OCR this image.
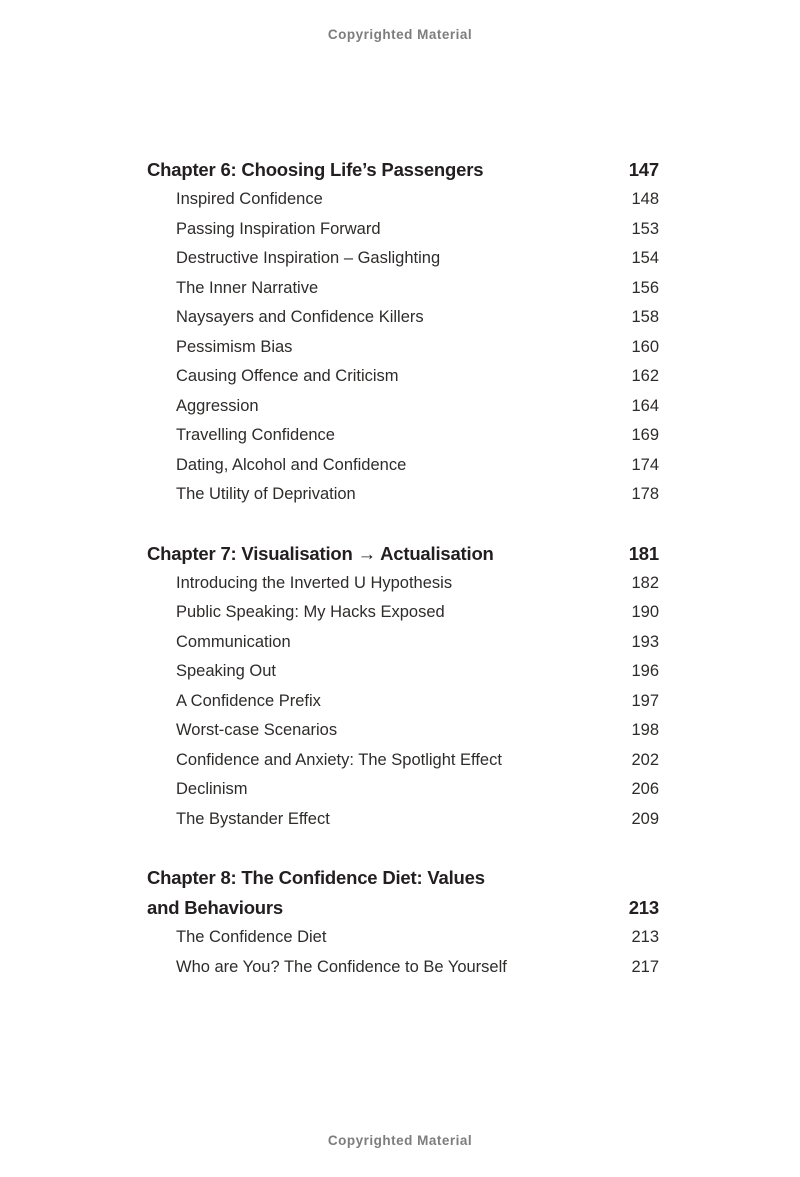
Copyrighted Material
Chapter 6: Choosing Life’s Passengers	147
Inspired Confidence	148
Passing Inspiration Forward	153
Destructive Inspiration – Gaslighting	154
The Inner Narrative	156
Naysayers and Confidence Killers	158
Pessimism Bias	160
Causing Offence and Criticism	162
Aggression	164
Travelling Confidence	169
Dating, Alcohol and Confidence	174
The Utility of Deprivation	178
Chapter 7: Visualisation → Actualisation	181
Introducing the Inverted U Hypothesis	182
Public Speaking: My Hacks Exposed	190
Communication	193
Speaking Out	196
A Confidence Prefix	197
Worst-case Scenarios	198
Confidence and Anxiety: The Spotlight Effect	202
Declinism	206
The Bystander Effect	209
Chapter 8: The Confidence Diet: Values
and Behaviours	213
The Confidence Diet	213
Who are You? The Confidence to Be Yourself	217
Copyrighted Material
